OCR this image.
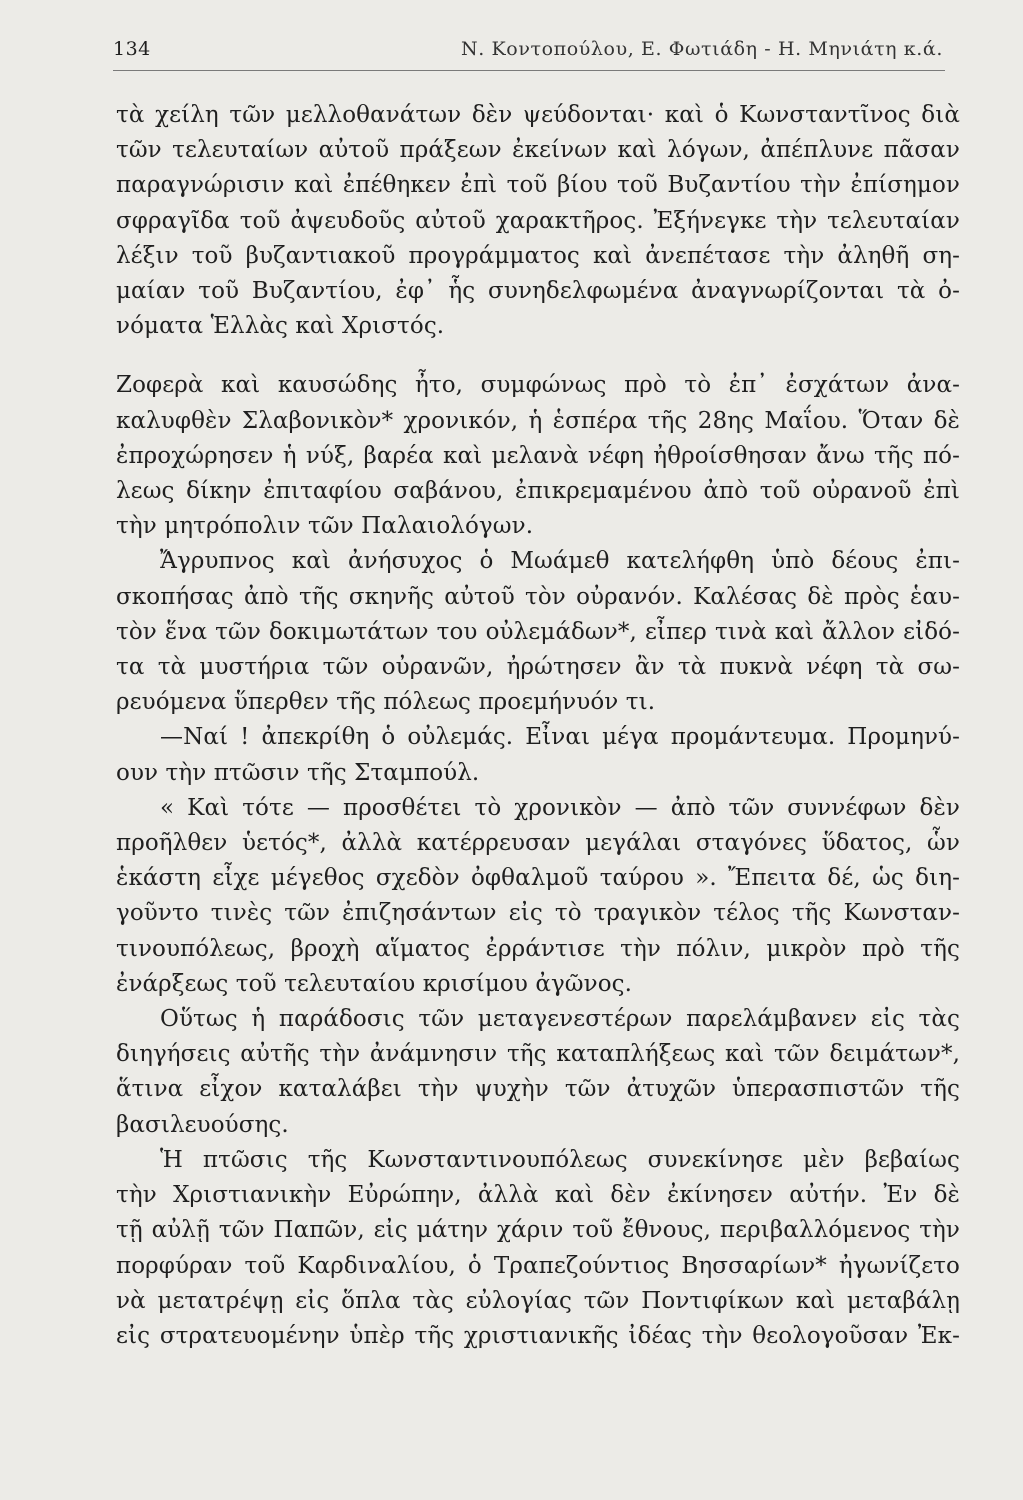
134	Ν. Κοντοπούλου, Ε. Φωτιάδη - Η. Μηνιάτη κ.ά.
τὰ χείλη τῶν μελλοθανάτων δὲν ψεύδονται· καὶ ὁ Κωνσταντῖνος διὰ
τῶν τελευταίων αὐτοῦ πράξεων ἐκείνων καὶ λόγων, ἀπέπλυνε πᾶσαν
παραγνώρισιν καὶ ἐπέθηκεν ἐπὶ τοῦ βίου τοῦ Βυζαντίου τὴν ἐπίσημον
σφραγῖδα τοῦ ἀψευδοῦς αὐτοῦ χαρακτῆρος. Ἐξήνεγκε τὴν τελευταίαν
λέξιν τοῦ βυζαντιακοῦ προγράμματος καὶ ἀνεπέτασε τὴν ἀληθῆ ση-
μαίαν τοῦ Βυζαντίου, ἐφ᾿ ἧς συνηδελφωμένα ἀναγνωρίζονται τὰ ὀ-
νόματα Ἑλλὰς καὶ Χριστός.
Ζοφερὰ καὶ καυσώδης ἦτο, συμφώνως πρὸ τὸ ἐπ᾿ ἐσχάτων ἀνα-
καλυφθὲν Σλαβονικὸν* χρονικόν, ἡ ἑσπέρα τῆς 28ης Μαΐου. Ὅταν δὲ
ἐπροχώρησεν ἡ νύξ, βαρέα καὶ μελανὰ νέφη ἠθροίσθησαν ἄνω τῆς πό-
λεως δίκην ἐπιταφίου σαβάνου, ἐπικρεμαμένου ἀπὸ τοῦ οὐρανοῦ ἐπὶ
τὴν μητρόπολιν τῶν Παλαιολόγων.
Ἄγρυπνος καὶ ἀνήσυχος ὁ Μωάμεθ κατελήφθη ὑπὸ δέους ἐπι-
σκοπήσας ἀπὸ τῆς σκηνῆς αὐτοῦ τὸν οὐρανόν. Καλέσας δὲ πρὸς ἑαυ-
τὸν ἕνα τῶν δοκιμωτάτων του οὐλεμάδων*, εἶπερ τινὰ καὶ ἄλλον εἰδό-
τα τὰ μυστήρια τῶν οὐρανῶν, ἠρώτησεν ἂν τὰ πυκνὰ νέφη τὰ σω-
ρευόμενα ὕπερθεν τῆς πόλεως προεμήνυόν τι.
—Ναί ! ἀπεκρίθη ὁ οὐλεμάς. Εἶναι μέγα προμάντευμα. Προμηνύ-
ουν τὴν πτῶσιν τῆς Σταμπούλ.
« Καὶ τότε — προσθέτει τὸ χρονικὸν — ἀπὸ τῶν συννέφων δὲν
προῆλθεν ὑετός*, ἀλλὰ κατέρρευσαν μεγάλαι σταγόνες ὕδατος, ὧν
ἑκάστη εἶχε μέγεθος σχεδὸν ὀφθαλμοῦ ταύρου ». Ἔπειτα δέ, ὡς διη-
γοῦντο τινὲς τῶν ἐπιζησάντων εἰς τὸ τραγικὸν τέλος τῆς Κωνσταν-
τινουπόλεως, βροχὴ αἵματος ἐρράντισε τὴν πόλιν, μικρὸν πρὸ τῆς
ἐνάρξεως τοῦ τελευταίου κρισίμου ἀγῶνος.
Οὕτως ἡ παράδοσις τῶν μεταγενεστέρων παρελάμβανεν εἰς τὰς
διηγήσεις αὐτῆς τὴν ἀνάμνησιν τῆς καταπλήξεως καὶ τῶν δειμάτων*,
ἅτινα εἶχον καταλάβει τὴν ψυχὴν τῶν ἀτυχῶν ὑπερασπιστῶν τῆς
βασιλευούσης.
Ἡ πτῶσις τῆς Κωνσταντινουπόλεως συνεκίνησε μὲν βεβαίως
τὴν Χριστιανικὴν Εὐρώπην, ἀλλὰ καὶ δὲν ἐκίνησεν αὐτήν. Ἐν δὲ
τῇ αὐλῇ τῶν Παπῶν, εἰς μάτην χάριν τοῦ ἔθνους, περιβαλλόμενος τὴν
πορφύραν τοῦ Καρδιναλίου, ὁ Τραπεζούντιος Βησσαρίων* ἠγωνίζετο
νὰ μετατρέψῃ εἰς ὅπλα τὰς εὐλογίας τῶν Ποντιφίκων καὶ μεταβάλῃ
εἰς στρατευομένην ὑπὲρ τῆς χριστιανικῆς ἰδέας τὴν θεολογοῦσαν Ἐκ-
